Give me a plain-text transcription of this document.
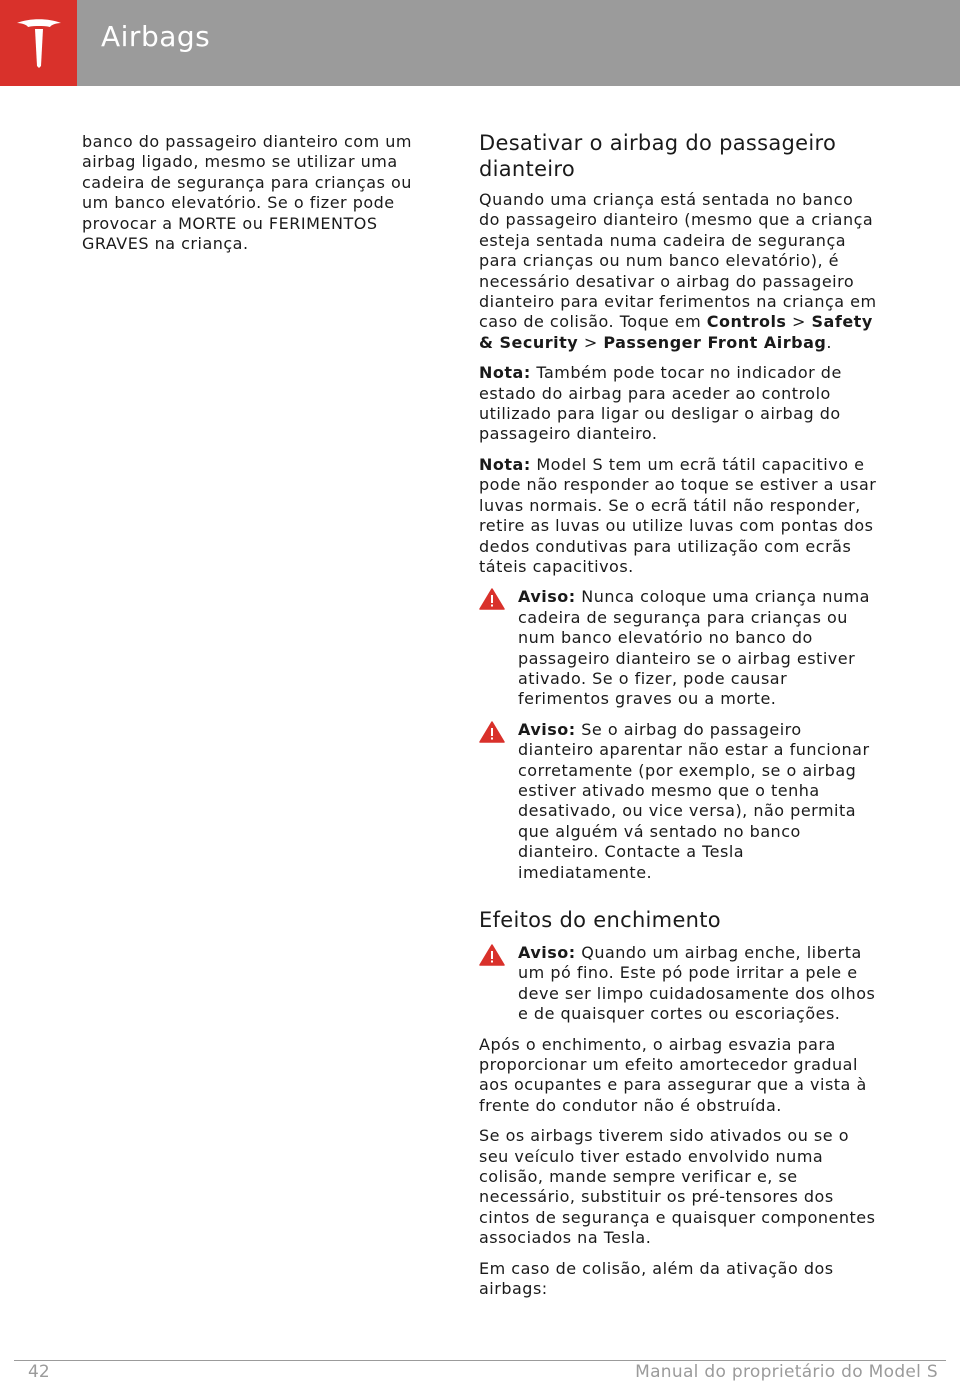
Airbags

banco do passageiro dianteiro com um airbag ligado, mesmo se utilizar uma cadeira de segurança para crianças ou um banco elevatório. Se o fizer pode provocar a MORTE ou FERIMENTOS GRAVES na criança.

Desativar o airbag do passageiro dianteiro

Quando uma criança está sentada no banco do passageiro dianteiro (mesmo que a criança esteja sentada numa cadeira de segurança para crianças ou num banco elevatório), é necessário desativar o airbag do passageiro dianteiro para evitar ferimentos na criança em caso de colisão. Toque em Controls > Safety & Security > Passenger Front Airbag.

Nota: Também pode tocar no indicador de estado do airbag para aceder ao controlo utilizado para ligar ou desligar o airbag do passageiro dianteiro.

Nota: Model S tem um ecrã tátil capacitivo e pode não responder ao toque se estiver a usar luvas normais. Se o ecrã tátil não responder, retire as luvas ou utilize luvas com pontas dos dedos condutivas para utilização com ecrãs táteis capacitivos.

Aviso: Nunca coloque uma criança numa cadeira de segurança para crianças ou num banco elevatório no banco do passageiro dianteiro se o airbag estiver ativado. Se o fizer, pode causar ferimentos graves ou a morte.

Aviso: Se o airbag do passageiro dianteiro aparentar não estar a funcionar corretamente (por exemplo, se o airbag estiver ativado mesmo que o tenha desativado, ou vice versa), não permita que alguém vá sentado no banco dianteiro. Contacte a Tesla imediatamente.

Efeitos do enchimento

Aviso: Quando um airbag enche, liberta um pó fino. Este pó pode irritar a pele e deve ser limpo cuidadosamente dos olhos e de quaisquer cortes ou escoriações.

Após o enchimento, o airbag esvazia para proporcionar um efeito amortecedor gradual aos ocupantes e para assegurar que a vista à frente do condutor não é obstruída.

Se os airbags tiverem sido ativados ou se o seu veículo tiver estado envolvido numa colisão, mande sempre verificar e, se necessário, substituir os pré-tensores dos cintos de segurança e quaisquer componentes associados na Tesla.

Em caso de colisão, além da ativação dos airbags:

42	Manual do proprietário do Model S
